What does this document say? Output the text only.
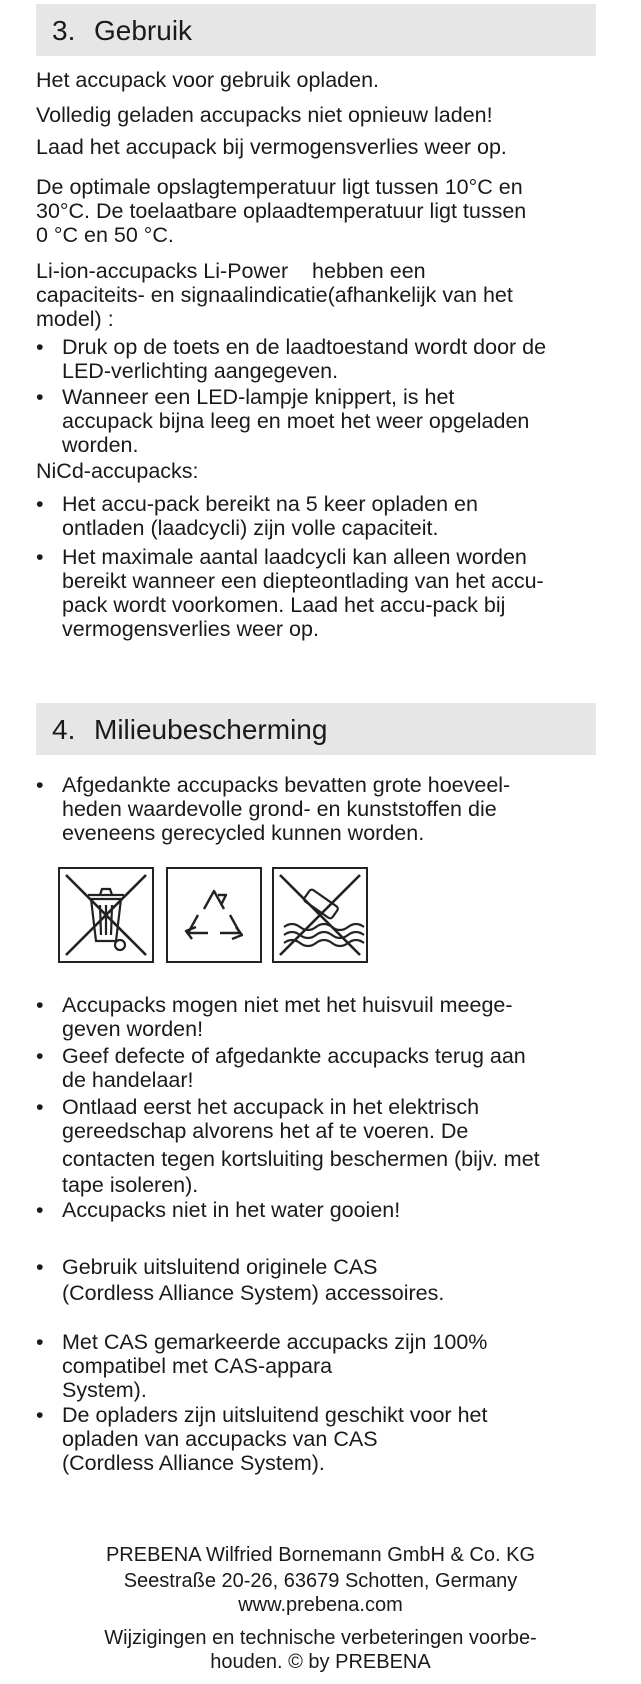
3. Gebruik
Het accupack voor gebruik opladen.
Volledig geladen accupacks niet opnieuw laden!
Laad het accupack bij vermogensverlies weer op.
De optimale opslagtemperatuur ligt tussen 10°C en
30°C. De toelaatbare oplaadtemperatuur ligt tussen
0 °C en 50 °C.
Li-ion-accupacks Li-Power    hebben een
capaciteits- en signaalindicatie(afhankelijk van het
model) :
• Druk op de toets en de laadtoestand wordt door de
LED-verlichting aangegeven.
• Wanneer een LED-lampje knippert, is het
accupack bijna leeg en moet het weer opgeladen
worden.
NiCd-accupacks:
• Het accu-pack bereikt na 5 keer opladen en
ontladen (laadcycli) zijn volle capaciteit.
• Het maximale aantal laadcycli kan alleen worden
bereikt wanneer een diepteontlading van het accu-
pack wordt voorkomen. Laad het accu-pack bij
vermogensverlies weer op.
4. Milieubescherming
• Afgedankte accupacks bevatten grote hoeveel-
heden waardevolle grond- en kunststoffen die
eveneens gerecycled kunnen worden.
• Accupacks mogen niet met het huisvuil meege-
geven worden!
• Geef defecte of afgedankte accupacks terug aan
de handelaar!
• Ontlaad eerst het accupack in het elektrisch
gereedschap alvorens het af te voeren. De
contacten tegen kortsluiting beschermen (bijv. met
tape isoleren).
• Accupacks niet in het water gooien!
• Gebruik uitsluitend originele CAS
(Cordless Alliance System) accessoires.
• Met CAS gemarkeerde accupacks zijn 100%
compatibel met CAS-appara
System).
• De opladers zijn uitsluitend geschikt voor het
opladen van accupacks van CAS
(Cordless Alliance System).
PREBENA Wilfried Bornemann GmbH & Co. KG
Seestraße 20-26, 63679 Schotten, Germany
www.prebena.com
Wijzigingen en technische verbeteringen voorbe-
houden. © by PREBENA
